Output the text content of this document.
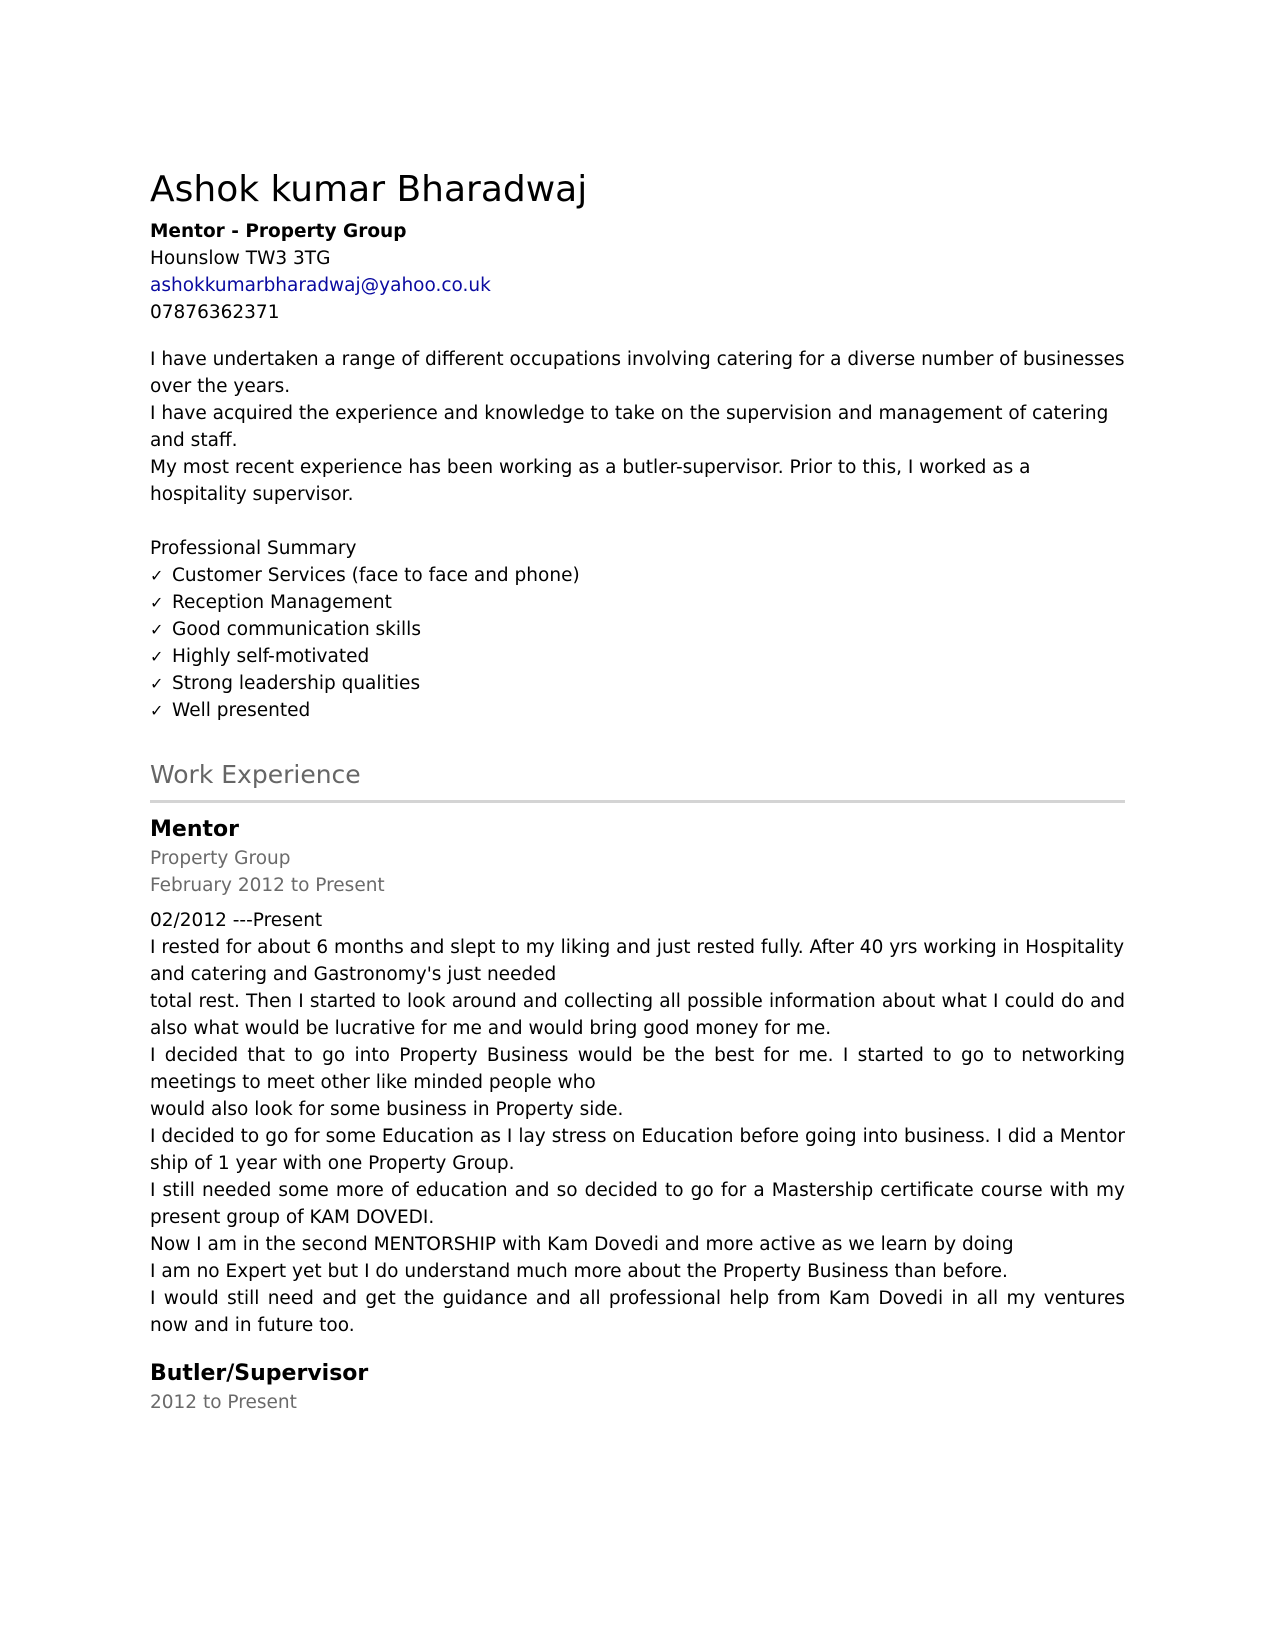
Ashok kumar Bharadwaj
Mentor - Property Group
Hounslow TW3 3TG
ashokkumarbharadwaj@yahoo.co.uk
07876362371

I have undertaken a range of different occupations involving catering for a diverse number of businesses over the years.

I have acquired the experience and knowledge to take on the supervision and management of catering and staff.

My most recent experience has been working as a butler-supervisor. Prior to this, I worked as a hospitality supervisor.

Professional Summary

✓ Customer Services (face to face and phone)

✓ Reception Management

✓ Good communication skills

✓ Highly self-motivated

✓ Strong leadership qualities

✓ Well presented

Work Experience
Mentor
Property Group
February 2012 to Present

02/2012 ---Present

I rested for about 6 months and slept to my liking and just rested fully. After 40 yrs working in Hospitality and catering and Gastronomy's just needed

total rest. Then I started to look around and collecting all possible information about what I could do and also what would be lucrative for me and would bring good money for me.

I decided that to go into Property Business would be the best for me. I started to go to networking meetings to meet other like minded people who

would also look for some business in Property side.

I decided to go for some Education as I lay stress on Education before going into business. I did a Mentor ship of 1 year with one Property Group.

I still needed some more of education and so decided to go for a Mastership certificate course with my present group of KAM DOVEDI.

Now I am in the second MENTORSHIP with Kam Dovedi and more active as we learn by doing

I am no Expert yet but I do understand much more about the Property Business than before.

I would still need and get the guidance and all professional help from Kam Dovedi in all my ventures now and in future too.

Butler/Supervisor
2012 to Present
